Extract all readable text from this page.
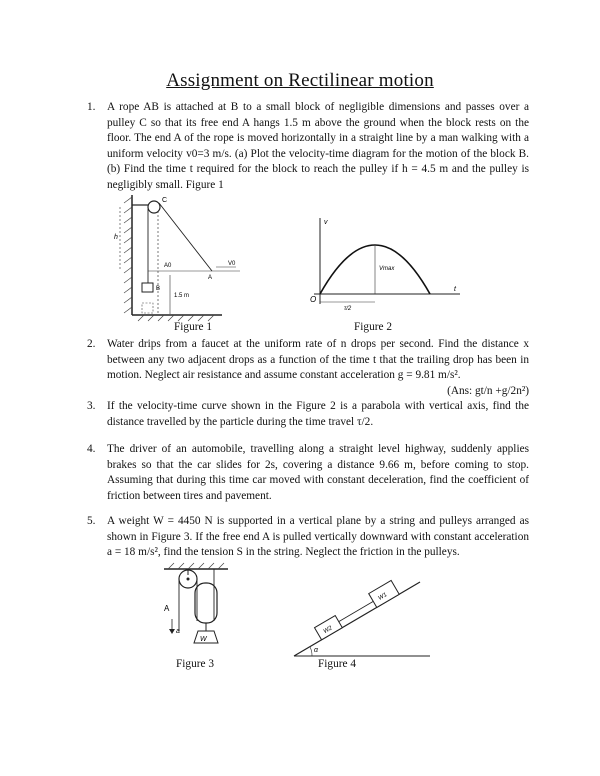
Assignment on Rectilinear motion
1. A rope AB is attached at B to a small block of negligible dimensions and passes over a pulley C so that its free end A hangs 1.5 m above the ground when the block rests on the floor. The end A of the rope is moved horizontally in a straight line by a man walking with a uniform velocity v0=3 m/s. (a) Plot the velocity-time diagram for the motion of the block B. (b) Find the time t required for the block to reach the pulley if h = 4.5 m and the pulley is negligibly small. Figure 1
C
h
A0
A
V0
B
1.5 m
v
O
t
Vmax
τ/2
Figure 1	Figure 2
2. Water drips from a faucet at the uniform rate of n drops per second. Find the distance x between any two adjacent drops as a function of the time t that the trailing drop has been in motion. Neglect air resistance and assume constant acceleration g = 9.81 m/s².
(Ans: gt/n +g/2n²)
3. If the velocity-time curve shown in the Figure 2 is a parabola with vertical axis, find the distance travelled by the particle during the time travel τ/2.
4. The driver of an automobile, travelling along a straight level highway, suddenly applies brakes so that the car slides for 2s, covering a distance 9.66 m, before coming to stop. Assuming that during this time car moved with constant deceleration, find the coefficient of friction between tires and pavement.
5. A weight W = 4450 N is supported in a vertical plane by a string and pulleys arranged as shown in Figure 3. If the free end A is pulled vertically downward with constant acceleration a = 18 m/s², find the tension S in the string. Neglect the friction in the pulleys.
A
a
W
α
W2
W1
Figure 3	Figure 4
